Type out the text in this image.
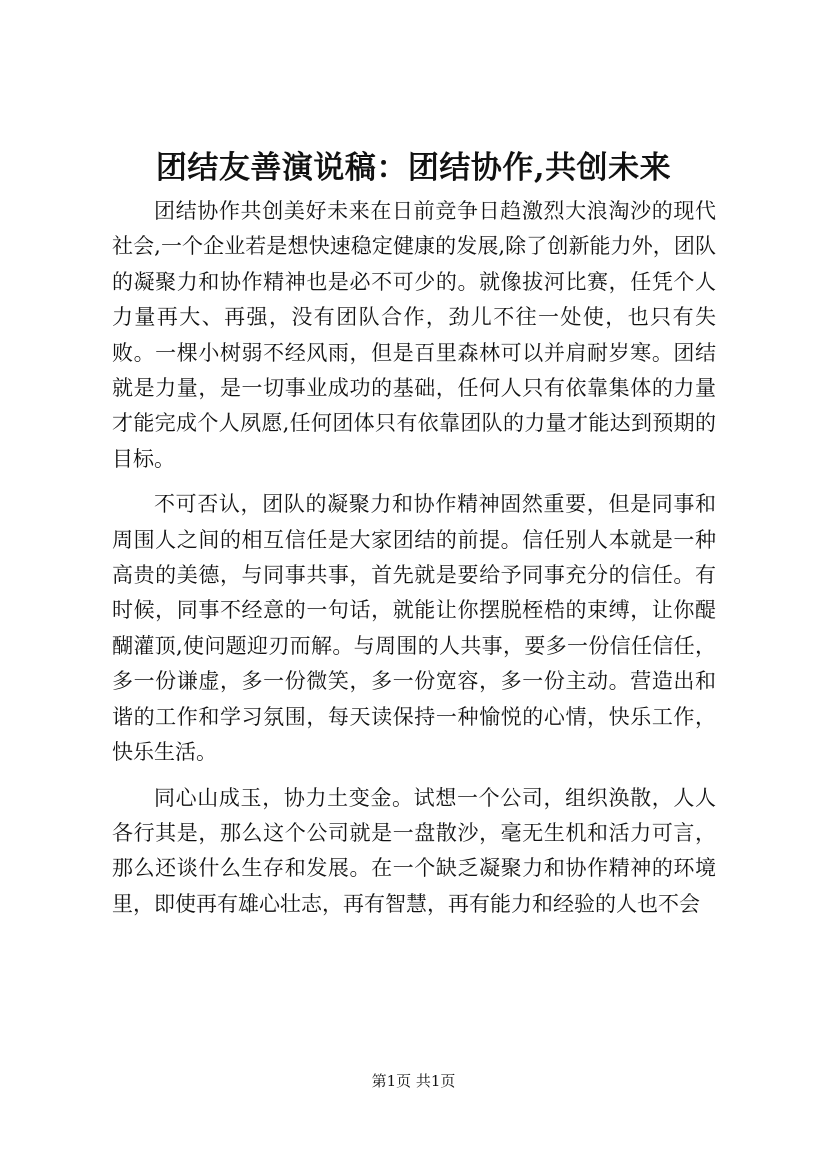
团结友善演说稿：团结协作,共创未来

团结协作共创美好未来在日前竞争日趋激烈大浪淘沙的现代社会,一个企业若是想快速稳定健康的发展,除了创新能力外，团队的凝聚力和协作精神也是必不可少的。就像拔河比赛，任凭个人力量再大、再强，没有团队合作，劲儿不往一处使，也只有失败。一棵小树弱不经风雨，但是百里森林可以并肩耐岁寒。团结就是力量，是一切事业成功的基础，任何人只有依靠集体的力量才能完成个人夙愿,任何团体只有依靠团队的力量才能达到预期的目标。

不可否认，团队的凝聚力和协作精神固然重要，但是同事和周围人之间的相互信任是大家团结的前提。信任别人本就是一种高贵的美德，与同事共事，首先就是要给予同事充分的信任。有时候，同事不经意的一句话，就能让你摆脱桎梏的束缚，让你醍醐灌顶,使问题迎刃而解。与周围的人共事，要多一份信任信任，多一份谦虚，多一份微笑，多一份宽容，多一份主动。营造出和谐的工作和学习氛围，每天读保持一种愉悦的心情，快乐工作，快乐生活。

同心山成玉，协力土变金。试想一个公司，组织涣散，人人各行其是，那么这个公司就是一盘散沙，毫无生机和活力可言，那么还谈什么生存和发展。在一个缺乏凝聚力和协作精神的环境里，即使再有雄心壮志，再有智慧，再有能力和经验的人也不会

第1页 共1页
